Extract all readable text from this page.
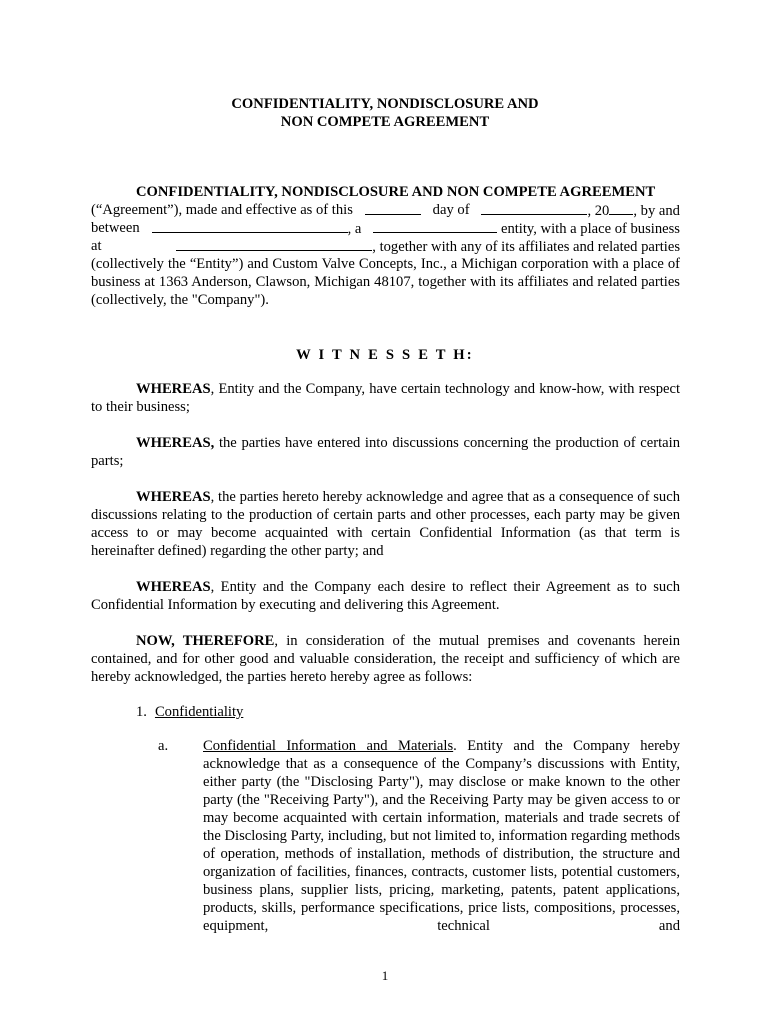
CONFIDENTIALITY, NONDISCLOSURE AND
NON COMPETE AGREEMENT
CONFIDENTIALITY, NONDISCLOSURE AND NON COMPETE AGREEMENT
(“Agreement”), made and effective as of this	day of	, 20 , by and
between	, a	entity, with a place of business
at	, together with any of its affiliates and related parties
(collectively the “Entity”) and Custom Valve Concepts, Inc., a Michigan corporation with a place of business at 1363 Anderson, Clawson, Michigan 48107, together with its affiliates and related parties (collectively, the "Company").
W I T N E S S E T H:
WHEREAS, Entity and the Company, have certain technology and know-how, with respect to their business;
WHEREAS, the parties have entered into discussions concerning the production of certain parts;
WHEREAS, the parties hereto hereby acknowledge and agree that as a consequence of such discussions relating to the production of certain parts and other processes, each party may be given access to or may become acquainted with certain Confidential Information (as that term is hereinafter defined) regarding the other party; and
WHEREAS, Entity and the Company each desire to reflect their Agreement as to such Confidential Information by executing and delivering this Agreement.
NOW, THEREFORE, in consideration of the mutual premises and covenants herein contained, and for other good and valuable consideration, the receipt and sufficiency of which are hereby acknowledged, the parties hereto hereby agree as follows:
1. Confidentiality
a. Confidential Information and Materials. Entity and the Company hereby acknowledge that as a consequence of the Company’s discussions with Entity, either party (the "Disclosing Party"), may disclose or make known to the other party (the "Receiving Party"), and the Receiving Party may be given access to or may become acquainted with certain information, materials and trade secrets of the Disclosing Party, including, but not limited to, information regarding methods of operation, methods of installation, methods of distribution, the structure and organization of facilities, finances, contracts, customer lists, potential customers, business plans, supplier lists, pricing, marketing, patents, patent applications, products, skills, performance specifications, price lists, compositions, processes, equipment, technical and
1
